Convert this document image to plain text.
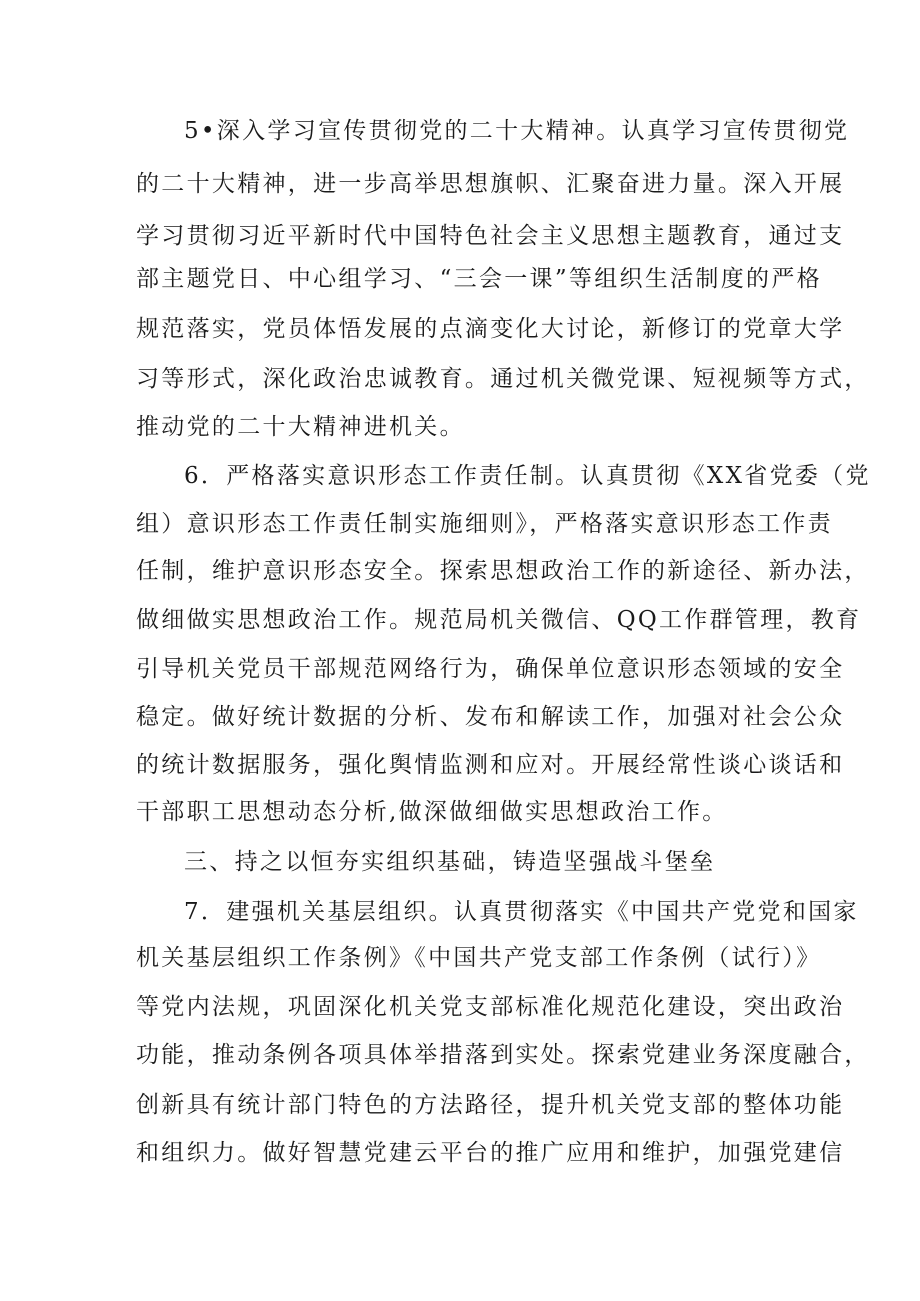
5•深入学习宣传贯彻党的二十大精神。认真学习宣传贯彻党
的二十大精神，进一步高举思想旗帜、汇聚奋进力量。深入开展
学习贯彻习近平新时代中国特色社会主义思想主题教育，通过支
部主题党日、中心组学习、“三会一课”等组织生活制度的严格
规范落实，党员体悟发展的点滴变化大讨论，新修订的党章大学
习等形式，深化政治忠诚教育。通过机关微党课、短视频等方式，
推动党的二十大精神进机关。
6．严格落实意识形态工作责任制。认真贯彻《XX省党委（党
组）意识形态工作责任制实施细则》，严格落实意识形态工作责
任制，维护意识形态安全。探索思想政治工作的新途径、新办法，
做细做实思想政治工作。规范局机关微信、QQ工作群管理，教育
引导机关党员干部规范网络行为，确保单位意识形态领域的安全
稳定。做好统计数据的分析、发布和解读工作，加强对社会公众
的统计数据服务，强化舆情监测和应对。开展经常性谈心谈话和
干部职工思想动态分析,做深做细做实思想政治工作。
三、持之以恒夯实组织基础，铸造坚强战斗堡垒
7．建强机关基层组织。认真贯彻落实《中国共产党党和国家
机关基层组织工作条例》《中国共产党支部工作条例（试行）》
等党内法规，巩固深化机关党支部标准化规范化建设，突出政治
功能，推动条例各项具体举措落到实处。探索党建业务深度融合，
创新具有统计部门特色的方法路径，提升机关党支部的整体功能
和组织力。做好智慧党建云平台的推广应用和维护，加强党建信
